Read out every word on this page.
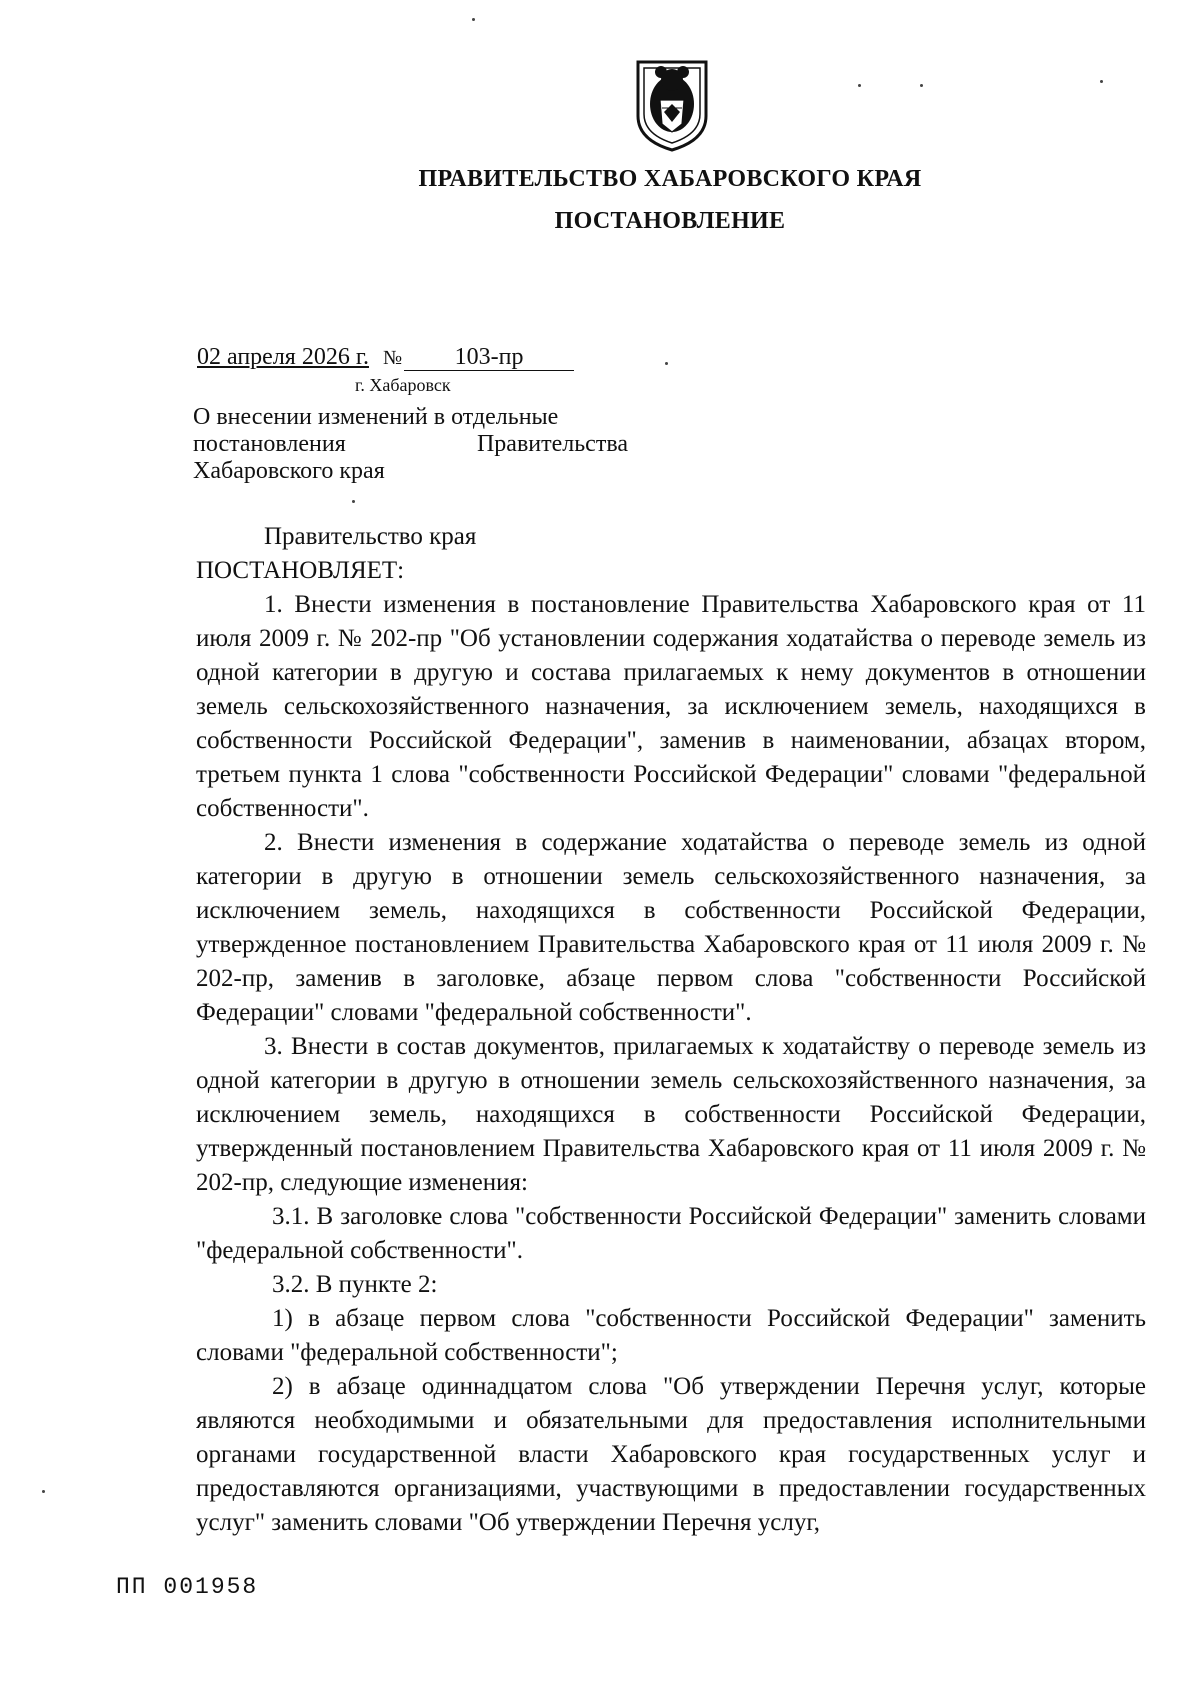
ПРАВИТЕЛЬСТВО ХАБАРОВСКОГО КРАЯ
ПОСТАНОВЛЕНИЕ
02 апреля 2026 г. № 103-пр
г. Хабаровск
О внесении изменений в отдельные
постановления Правительства
Хабаровского края

Правительство края

ПОСТАНОВЛЯЕТ:

1. Внести изменения в постановление Правительства Хабаровского края от 11 июля 2009 г. № 202-пр "Об установлении содержания ходатайства о переводе земель из одной категории в другую и состава прилагаемых к нему документов в отношении земель сельскохозяйственного назначения, за исключением земель, находящихся в собственности Российской Федерации", заменив в наименовании, абзацах втором, третьем пункта 1 слова "собственности Российской Федерации" словами "федеральной собственности".

2. Внести изменения в содержание ходатайства о переводе земель из одной категории в другую в отношении земель сельскохозяйственного назначения, за исключением земель, находящихся в собственности Российской Федерации, утвержденное постановлением Правительства Хабаровского края от 11 июля 2009 г. № 202-пр, заменив в заголовке, абзаце первом слова "собственности Российской Федерации" словами "федеральной собственности".

3. Внести в состав документов, прилагаемых к ходатайству о переводе земель из одной категории в другую в отношении земель сельскохозяйственного назначения, за исключением земель, находящихся в собственности Российской Федерации, утвержденный постановлением Правительства Хабаровского края от 11 июля 2009 г. № 202-пр, следующие изменения:

3.1. В заголовке слова "собственности Российской Федерации" заменить словами "федеральной собственности".

3.2. В пункте 2:

1) в абзаце первом слова "собственности Российской Федерации" заменить словами "федеральной собственности";

2) в абзаце одиннадцатом слова "Об утверждении Перечня услуг, которые являются необходимыми и обязательными для предоставления исполнительными органами государственной власти Хабаровского края государственных услуг и предоставляются организациями, участвующими в предоставлении государственных услуг" заменить словами "Об утверждении Перечня услуг,

ПП 001958
